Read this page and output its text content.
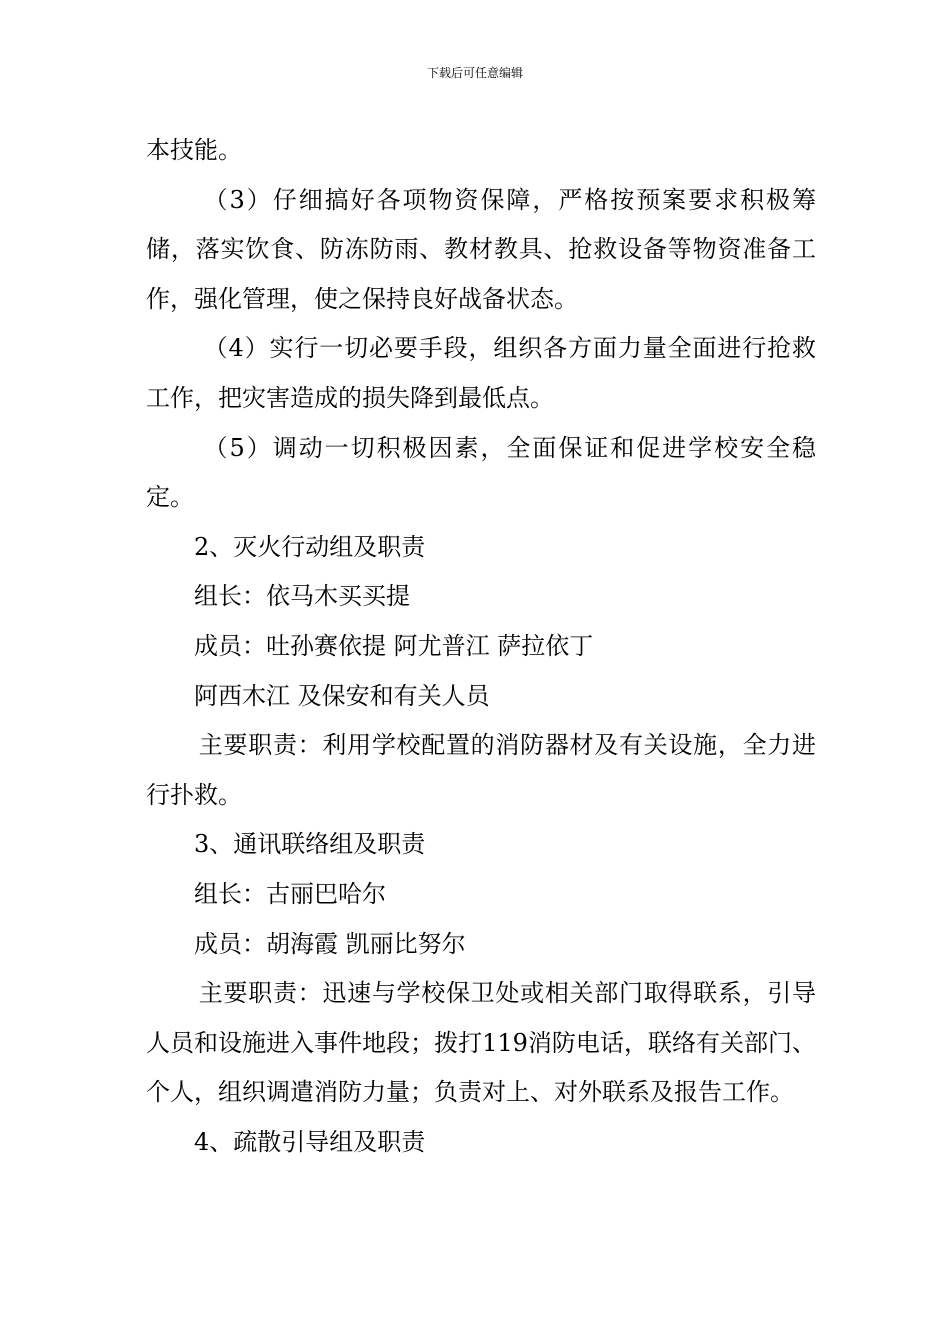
下载后可任意编辑

本技能。

（3）仔细搞好各项物资保障，严格按预案要求积极筹储，落实饮食、防冻防雨、教材教具、抢救设备等物资准备工作，强化管理，使之保持良好战备状态。

（4）实行一切必要手段，组织各方面力量全面进行抢救工作，把灾害造成的损失降到最低点。

（5）调动一切积极因素，全面保证和促进学校安全稳定。

2、灭火行动组及职责

组长：依马木买买提

成员：吐孙赛依提 阿尤普江 萨拉依丁

阿西木江 及保安和有关人员

主要职责：利用学校配置的消防器材及有关设施，全力进行扑救。

3、通讯联络组及职责

组长：古丽巴哈尔

成员：胡海霞 凯丽比努尔

主要职责：迅速与学校保卫处或相关部门取得联系，引导人员和设施进入事件地段；拨打119消防电话，联络有关部门、个人，组织调遣消防力量；负责对上、对外联系及报告工作。

4、疏散引导组及职责
